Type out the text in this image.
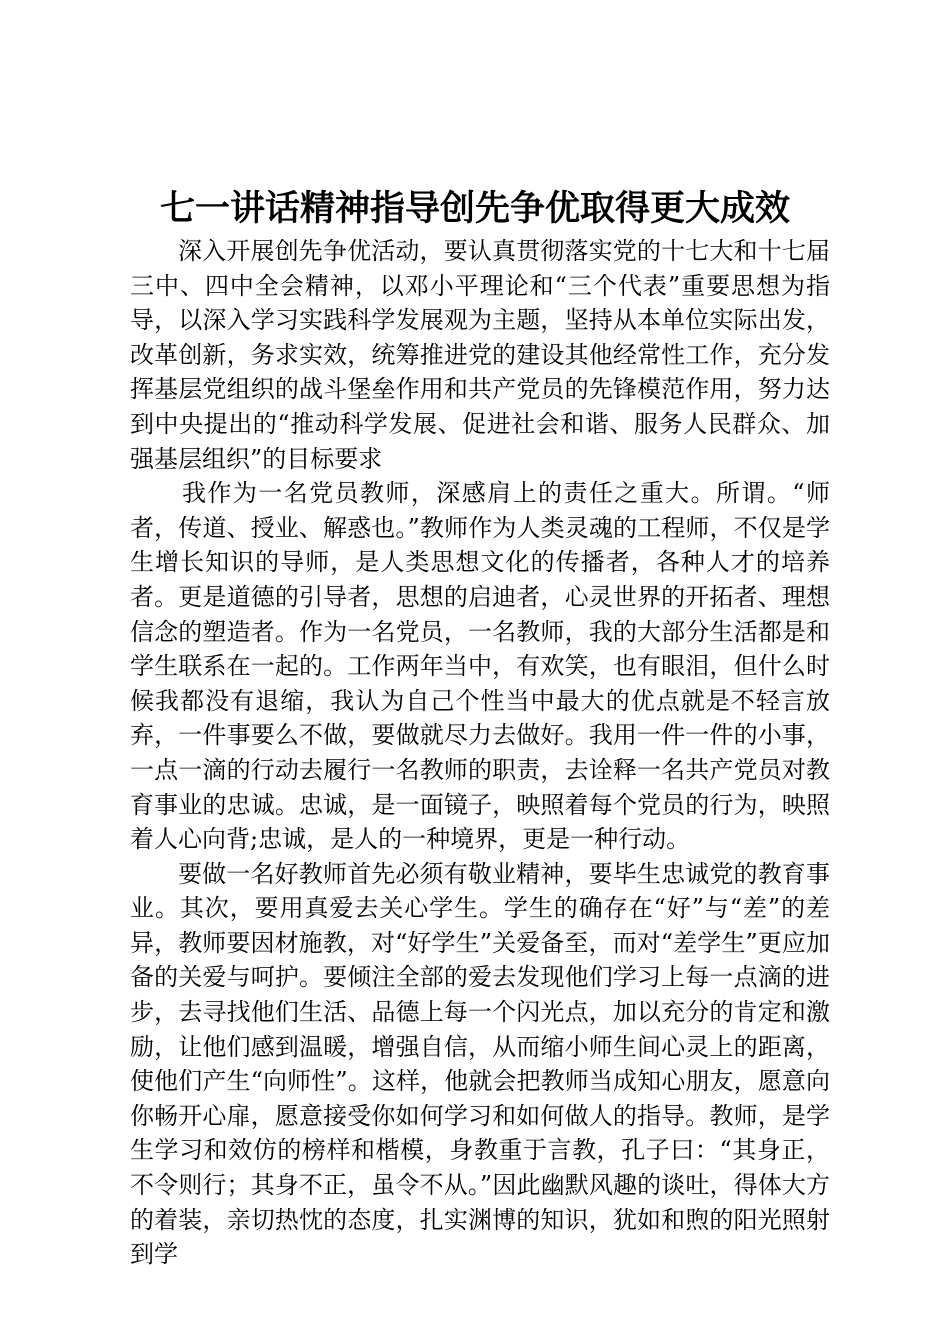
七一讲话精神指导创先争优取得更大成效

深入开展创先争优活动，要认真贯彻落实党的十七大和十七届三中、四中全会精神，以邓小平理论和“三个代表”重要思想为指导，以深入学习实践科学发展观为主题，坚持从本单位实际出发，改革创新，务求实效，统筹推进党的建设其他经常性工作，充分发挥基层党组织的战斗堡垒作用和共产党员的先锋模范作用，努力达到中央提出的“推动科学发展、促进社会和谐、服务人民群众、加强基层组织”的目标要求

我作为一名党员教师，深感肩上的责任之重大。所谓。“师者，传道、授业、解惑也。”教师作为人类灵魂的工程师，不仅是学生增长知识的导师，是人类思想文化的传播者，各种人才的培养者。更是道德的引导者，思想的启迪者，心灵世界的开拓者、理想信念的塑造者。作为一名党员，一名教师，我的大部分生活都是和学生联系在一起的。工作两年当中，有欢笑，也有眼泪，但什么时候我都没有退缩，我认为自己个性当中最大的优点就是不轻言放弃，一件事要么不做，要做就尽力去做好。我用一件一件的小事，一点一滴的行动去履行一名教师的职责，去诠释一名共产党员对教育事业的忠诚。忠诚，是一面镜子，映照着每个党员的行为，映照着人心向背;忠诚，是人的一种境界，更是一种行动。

要做一名好教师首先必须有敬业精神，要毕生忠诚党的教育事业。其次，要用真爱去关心学生。学生的确存在“好”与“差”的差异，教师要因材施教，对“好学生”关爱备至，而对“差学生”更应加备的关爱与呵护。要倾注全部的爱去发现他们学习上每一点滴的进步，去寻找他们生活、品德上每一个闪光点，加以充分的肯定和激励，让他们感到温暖，增强自信，从而缩小师生间心灵上的距离，使他们产生“向师性”。这样，他就会把教师当成知心朋友，愿意向你畅开心扉，愿意接受你如何学习和如何做人的指导。教师，是学生学习和效仿的榜样和楷模，身教重于言教，孔子曰：“其身正，不令则行；其身不正，虽令不从。”因此幽默风趣的谈吐，得体大方的着装，亲切热忱的态度，扎实渊博的知识，犹如和煦的阳光照射到学
